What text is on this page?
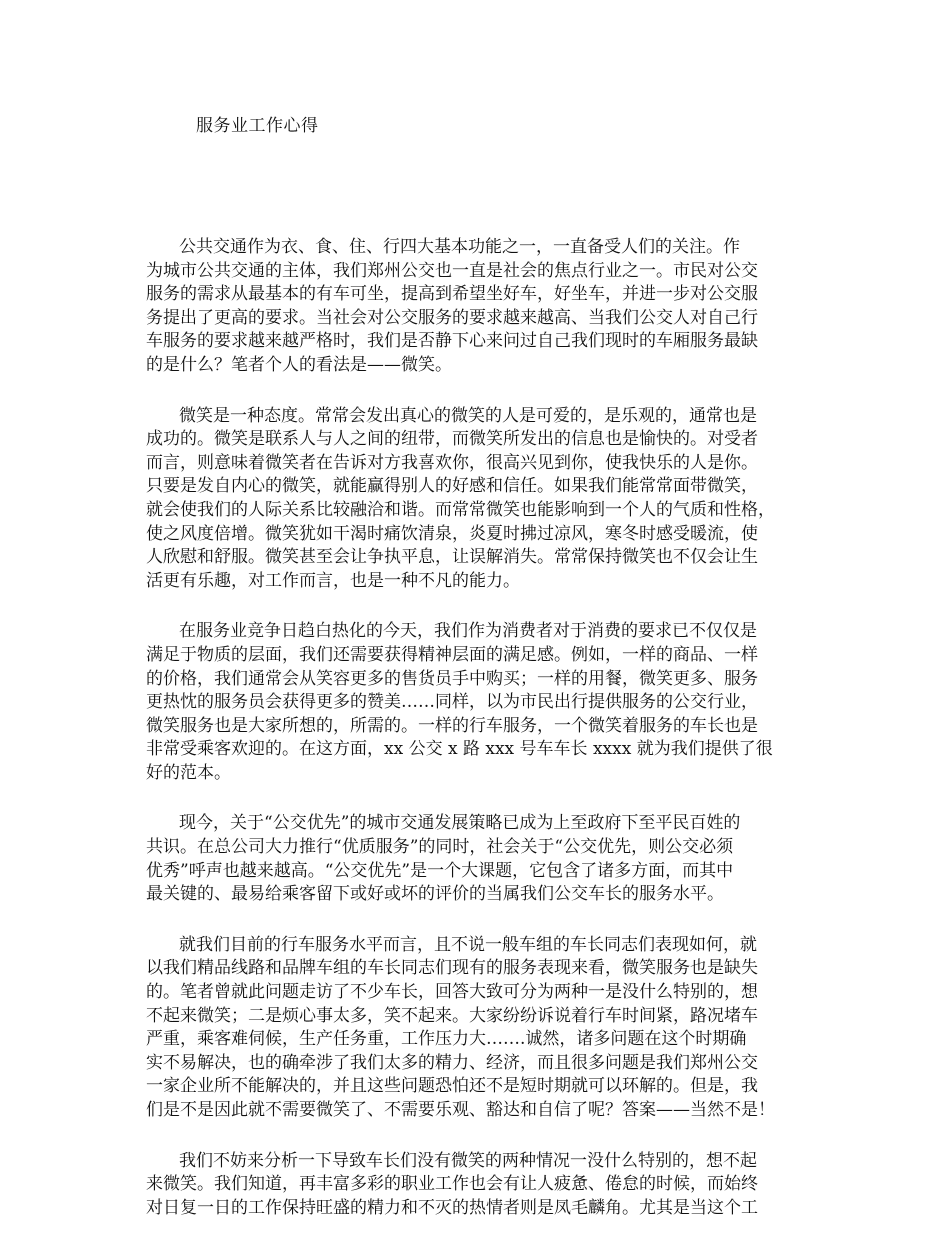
服务业工作心得

公共交通作为衣、食、住、行四大基本功能之一，一直备受人们的关注。作
为城市公共交通的主体，我们郑州公交也一直是社会的焦点行业之一。市民对公交
服务的需求从最基本的有车可坐，提高到希望坐好车，好坐车，并进一步对公交服
务提出了更高的要求。当社会对公交服务的要求越来越高、当我们公交人对自己行
车服务的要求越来越严格时，我们是否静下心来问过自己我们现时的车厢服务最缺
的是什么？笔者个人的看法是——微笑。

微笑是一种态度。常常会发出真心的微笑的人是可爱的，是乐观的，通常也是
成功的。微笑是联系人与人之间的纽带，而微笑所发出的信息也是愉快的。对受者
而言，则意味着微笑者在告诉对方我喜欢你，很高兴见到你，使我快乐的人是你。
只要是发自内心的微笑，就能赢得别人的好感和信任。如果我们能常常面带微笑，
就会使我们的人际关系比较融洽和谐。而常常微笑也能影响到一个人的气质和性格，
使之风度倍增。微笑犹如干渴时痛饮清泉，炎夏时拂过凉风，寒冬时感受暖流，使
人欣慰和舒服。微笑甚至会让争执平息，让误解消失。常常保持微笑也不仅会让生
活更有乐趣，对工作而言，也是一种不凡的能力。

在服务业竞争日趋白热化的今天，我们作为消费者对于消费的要求已不仅仅是
满足于物质的层面，我们还需要获得精神层面的满足感。例如，一样的商品、一样
的价格，我们通常会从笑容更多的售货员手中购买；一样的用餐，微笑更多、服务
更热忱的服务员会获得更多的赞美……同样，以为市民出行提供服务的公交行业，
微笑服务也是大家所想的，所需的。一样的行车服务，一个微笑着服务的车长也是
非常受乘客欢迎的。在这方面，xx 公交 x 路 xxx 号车车长 xxxx 就为我们提供了很
好的范本。

现今，关于“公交优先”的城市交通发展策略已成为上至政府下至平民百姓的
共识。在总公司大力推行“优质服务”的同时，社会关于“公交优先，则公交必须
优秀”呼声也越来越高。“公交优先”是一个大课题，它包含了诸多方面，而其中
最关键的、最易给乘客留下或好或坏的评价的当属我们公交车长的服务水平。

就我们目前的行车服务水平而言，且不说一般车组的车长同志们表现如何，就
以我们精品线路和品牌车组的车长同志们现有的服务表现来看，微笑服务也是缺失
的。笔者曾就此问题走访了不少车长，回答大致可分为两种一是没什么特别的，想
不起来微笑；二是烦心事太多，笑不起来。大家纷纷诉说着行车时间紧，路况堵车
严重，乘客难伺候，生产任务重，工作压力大…….诚然，诸多问题在这个时期确
实不易解决，也的确牵涉了我们太多的精力、经济，而且很多问题是我们郑州公交
一家企业所不能解决的，并且这些问题恐怕还不是短时期就可以环解的。但是，我
们是不是因此就不需要微笑了、不需要乐观、豁达和自信了呢？答案——当然不是！

我们不妨来分析一下导致车长们没有微笑的两种情况一没什么特别的，想不起
来微笑。我们知道，再丰富多彩的职业工作也会有让人疲惫、倦怠的时候，而始终
对日复一日的工作保持旺盛的精力和不灭的热情者则是凤毛麟角。尤其是当这个工
